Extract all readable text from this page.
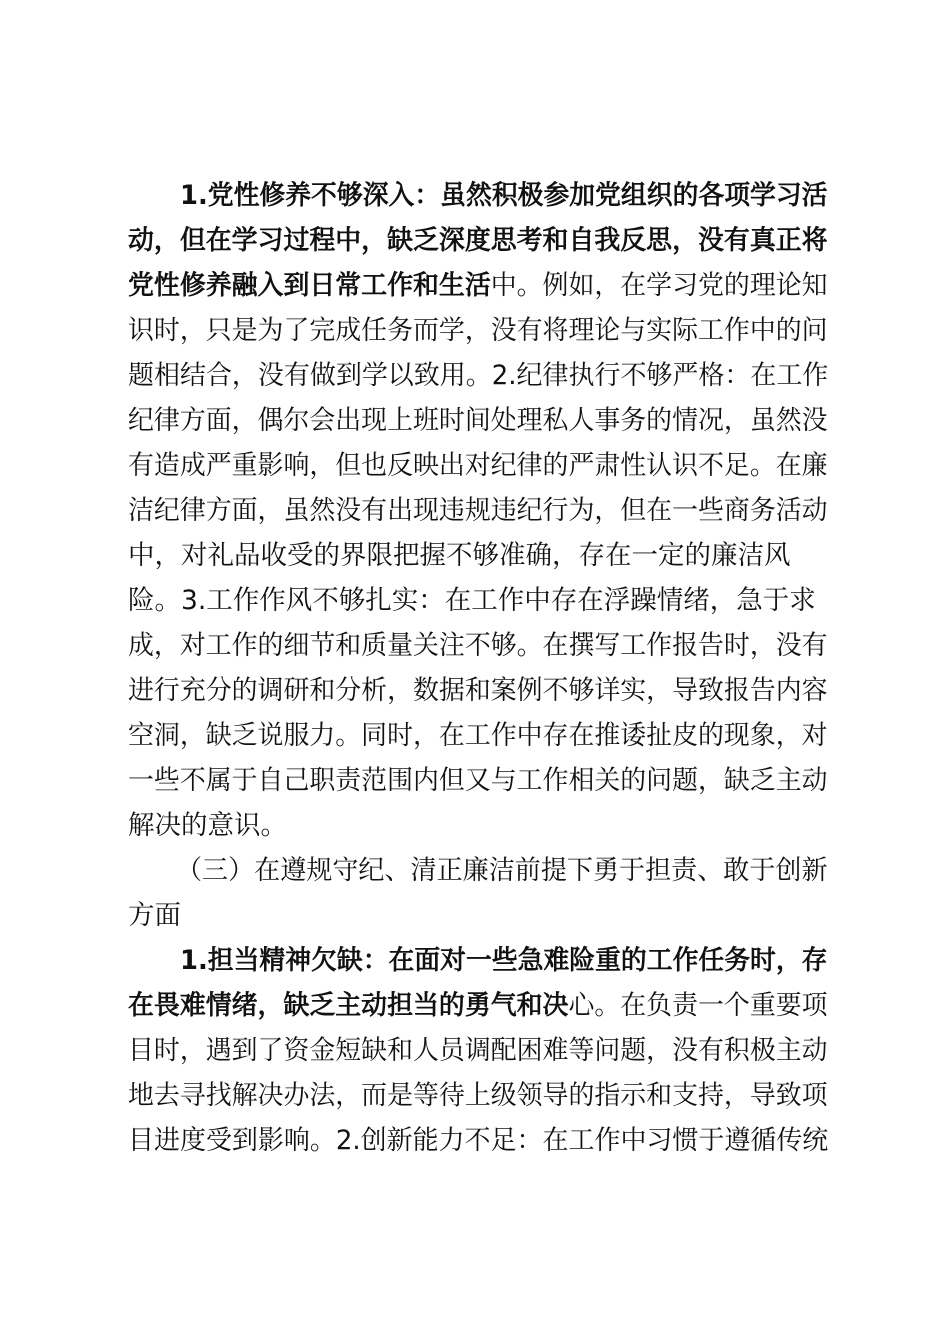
1.党性修养不够深入：虽然积极参加党组织的各项学习活
动，但在学习过程中，缺乏深度思考和自我反思，没有真正将
党性修养融入到日常工作和生活中。例如，在学习党的理论知
识时，只是为了完成任务而学，没有将理论与实际工作中的问
题相结合，没有做到学以致用。2.纪律执行不够严格：在工作
纪律方面，偶尔会出现上班时间处理私人事务的情况，虽然没
有造成严重影响，但也反映出对纪律的严肃性认识不足。在廉
洁纪律方面，虽然没有出现违规违纪行为，但在一些商务活动
中，对礼品收受的界限把握不够准确，存在一定的廉洁风
险。3.工作作风不够扎实：在工作中存在浮躁情绪，急于求
成，对工作的细节和质量关注不够。在撰写工作报告时，没有
进行充分的调研和分析，数据和案例不够详实，导致报告内容
空洞，缺乏说服力。同时，在工作中存在推诿扯皮的现象，对
一些不属于自己职责范围内但又与工作相关的问题，缺乏主动
解决的意识。
（三）在遵规守纪、清正廉洁前提下勇于担责、敢于创新
方面
1.担当精神欠缺：在面对一些急难险重的工作任务时，存
在畏难情绪，缺乏主动担当的勇气和决心。在负责一个重要项
目时，遇到了资金短缺和人员调配困难等问题，没有积极主动
地去寻找解决办法，而是等待上级领导的指示和支持，导致项
目进度受到影响。2.创新能力不足：在工作中习惯于遵循传统
